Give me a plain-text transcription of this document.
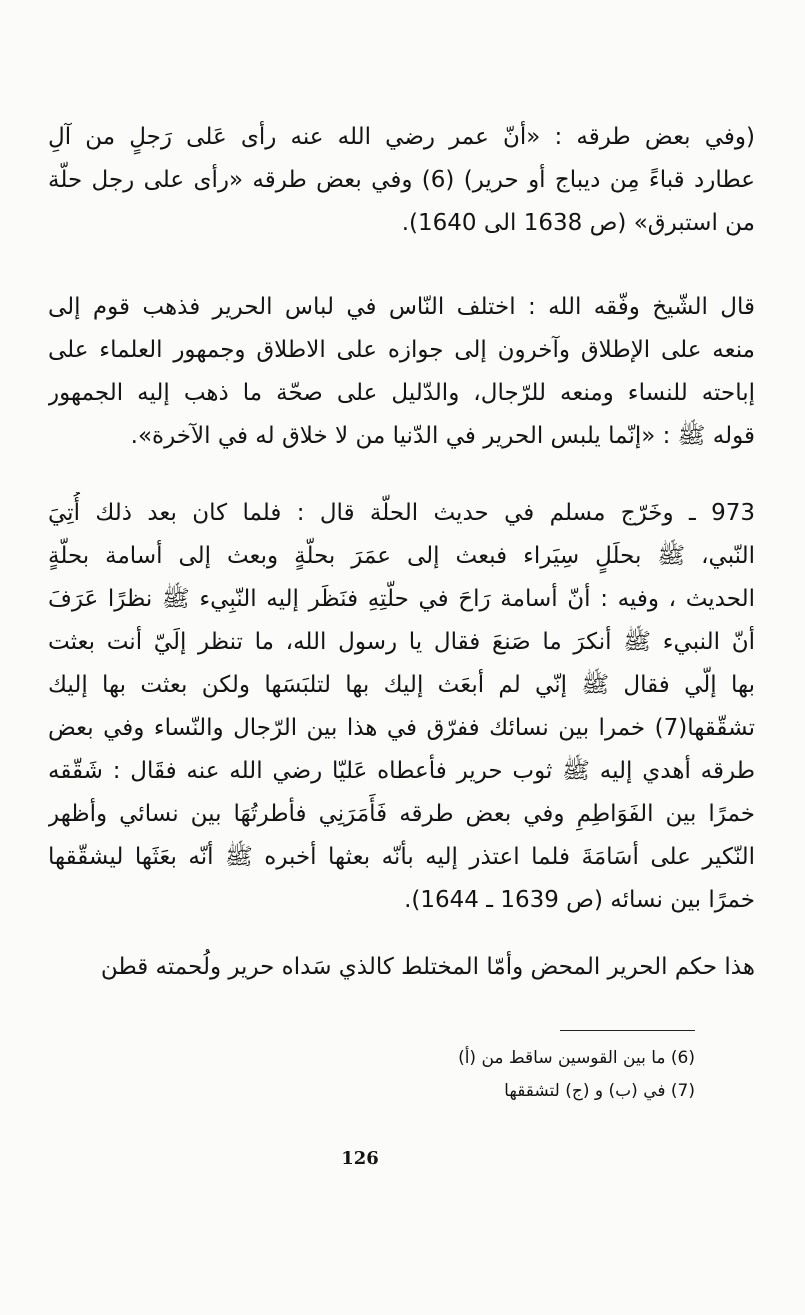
(وفي بعض طرقه : «أنّ عمر رضي الله عنه رأى عَلى رَجلٍ من آلِ
عطارد قباءً مِن ديباج أو حرير) (6) وفي بعض طرقه «رأى على رجل حلّة
من استبرق» (ص 1638 الى 1640).
قال الشّيخ وفّقه الله : اختلف النّاس في لباس الحرير فذهب قوم إلى
منعه على الإطلاق وآخرون إلى جوازه على الاطلاق وجمهور العلماء على
إباحته للنساء ومنعه للرّجال، والدّليل على صحّة ما ذهب إليه الجمهور
قوله ﷺ : «إنّما يلبس الحرير في الدّنيا من لا خلاق له في الآخرة».
973 ـ وخَرّج مسلم في حديث الحلّة قال : فلما كان بعد ذلك أُتِيَ
النّبي، ﷺ بحلَلٍ سِيَراء فبعث إلى عمَرَ بحلّةٍ وبعث إلى أسامة بحلّةٍ
الحديث ، وفيه : أنّ أسامة رَاحَ في حلّتِهِ فنَظَر إليه النّبِيء ﷺ نظرًا عَرَفَ
أنّ النبيء ﷺ أنكرَ ما صَنعَ فقال يا رسول الله، ما تنظر إلَيّ أنت بعثت
بها إلّي فقال ﷺ إنّي لم أبعَث إليك بها لتلبَسَها ولكن بعثت بها إليك
تشقّقها(7) خمرا بين نسائك ففرّق في هذا بين الرّجال والنّساء وفي بعض
طرقه أهدي إليه ﷺ ثوب حرير فأعطاه عَليّا رضي الله عنه فقَال : شَقّقه
خمرًا بين الفَوَاطِمِ وفي بعض طرقه فَأَمَرَنِي فأطرتُهَا بين نسائي وأظهر
النّكير على أسَامَةَ فلما اعتذر إليه بأنّه بعثها أخبره ﷺ أنّه بعَثَها ليشقّقها
خمرًا بين نسائه (ص 1639 ـ 1644).
هذا حكم الحرير المحض وأمّا المختلط كالذي سَداه حرير ولُحمته قطن
(6) ما بين القوسين ساقط من (أ)
(7) في (ب) و (ج) لتشققها
126
